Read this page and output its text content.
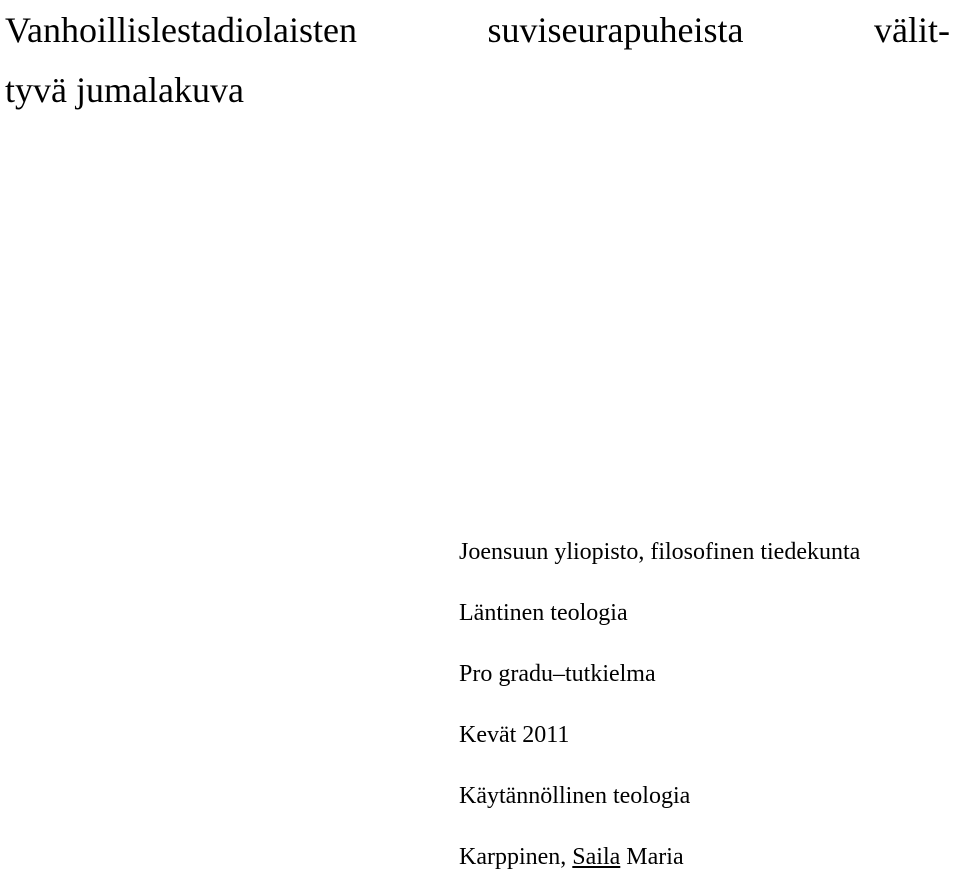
Vanhoillislestadiolaisten	suviseurapuheista	välit-
tyvä jumalakuva
Joensuun yliopisto, filosofinen tiedekunta
Läntinen teologia
Pro gradu–tutkielma
Kevät 2011
Käytännöllinen teologia
Karppinen, Saila Maria
